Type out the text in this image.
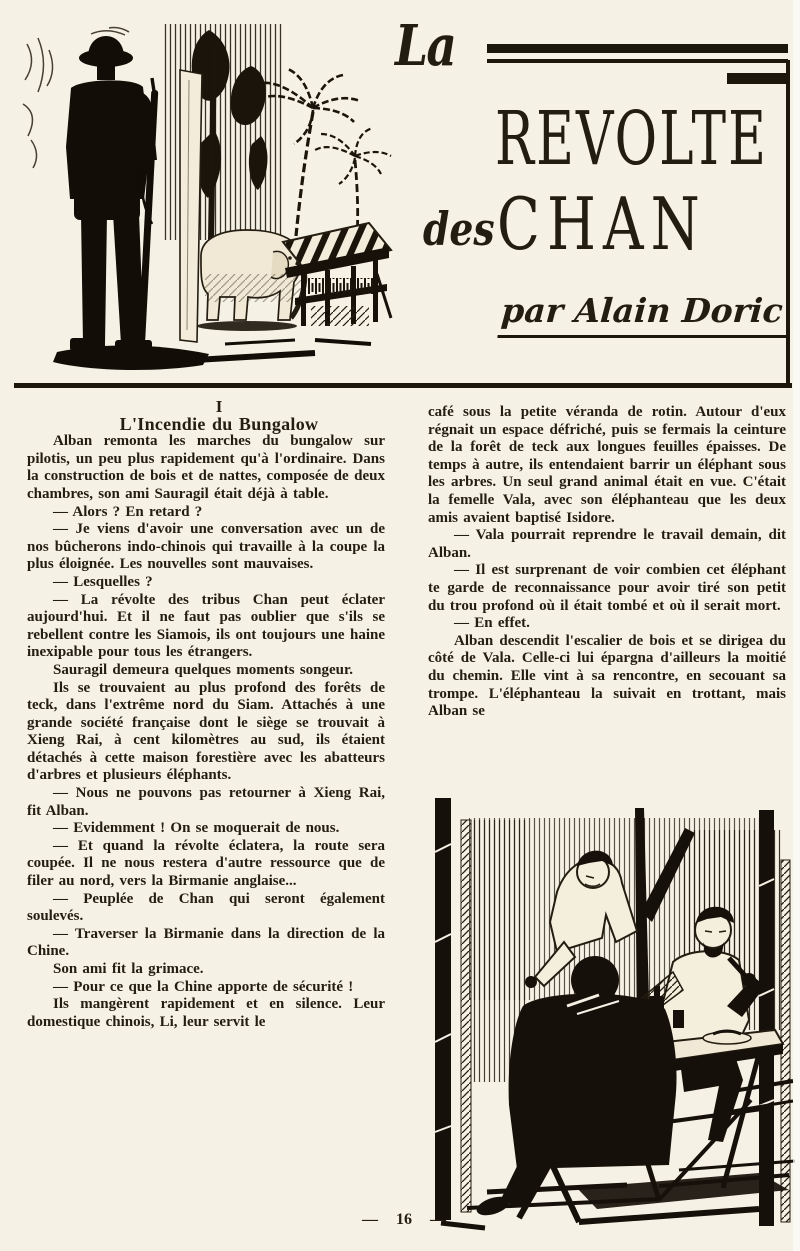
La
REVOLTE
des CHAN
par Alain Doric

I

L'Incendie du Bungalow

Alban remonta les marches du bungalow sur pilotis, un peu plus rapidement qu'à l'ordinaire. Dans la construction de bois et de nattes, composée de deux chambres, son ami Sauragil était déjà à table.

— Alors ? En retard ?

— Je viens d'avoir une conversation avec un de nos bûcherons indo-chinois qui travaille à la coupe la plus éloignée. Les nouvelles sont mauvaises.

— Lesquelles ?

— La révolte des tribus Chan peut éclater aujourd'hui. Et il ne faut pas oublier que s'ils se rebellent contre les Siamois, ils ont toujours une haine inexipable pour tous les étrangers.

Sauragil demeura quelques moments songeur.

Ils se trouvaient au plus profond des forêts de teck, dans l'extrême nord du Siam. Attachés à une grande société française dont le siège se trouvait à Xieng Rai, à cent kilomètres au sud, ils étaient détachés à cette maison forestière avec les abatteurs d'arbres et plusieurs éléphants.

— Nous ne pouvons pas retourner à Xieng Rai, fit Alban.

— Evidemment ! On se moquerait de nous.

— Et quand la révolte éclatera, la route sera coupée. Il ne nous restera d'autre ressource que de filer au nord, vers la Birmanie anglaise...

— Peuplée de Chan qui seront également soulevés.

— Traverser la Birmanie dans la direction de la Chine.

Son ami fit la grimace.

— Pour ce que la Chine apporte de sécurité !

Ils mangèrent rapidement et en silence. Leur domestique chinois, Li, leur servit le

café sous la petite véranda de rotin. Autour d'eux régnait un espace défriché, puis se fermais la ceinture de la forêt de teck aux longues feuilles épaisses. De temps à autre, ils entendaient barrir un éléphant sous les arbres. Un seul grand animal était en vue. C'était la femelle Vala, avec son éléphanteau que les deux amis avaient baptisé Isidore.

— Vala pourrait reprendre le travail demain, dit Alban.

— Il est surprenant de voir combien cet éléphant te garde de reconnaissance pour avoir tiré son petit du trou profond où il était tombé et où il serait mort.

— En effet.

Alban descendit l'escalier de bois et se dirigea du côté de Vala. Celle-ci lui épargna d'ailleurs la moitié du chemin. Elle vint à sa rencontre, en secouant sa trompe. L'éléphanteau la suivait en trottant, mais Alban se

— 16 —
